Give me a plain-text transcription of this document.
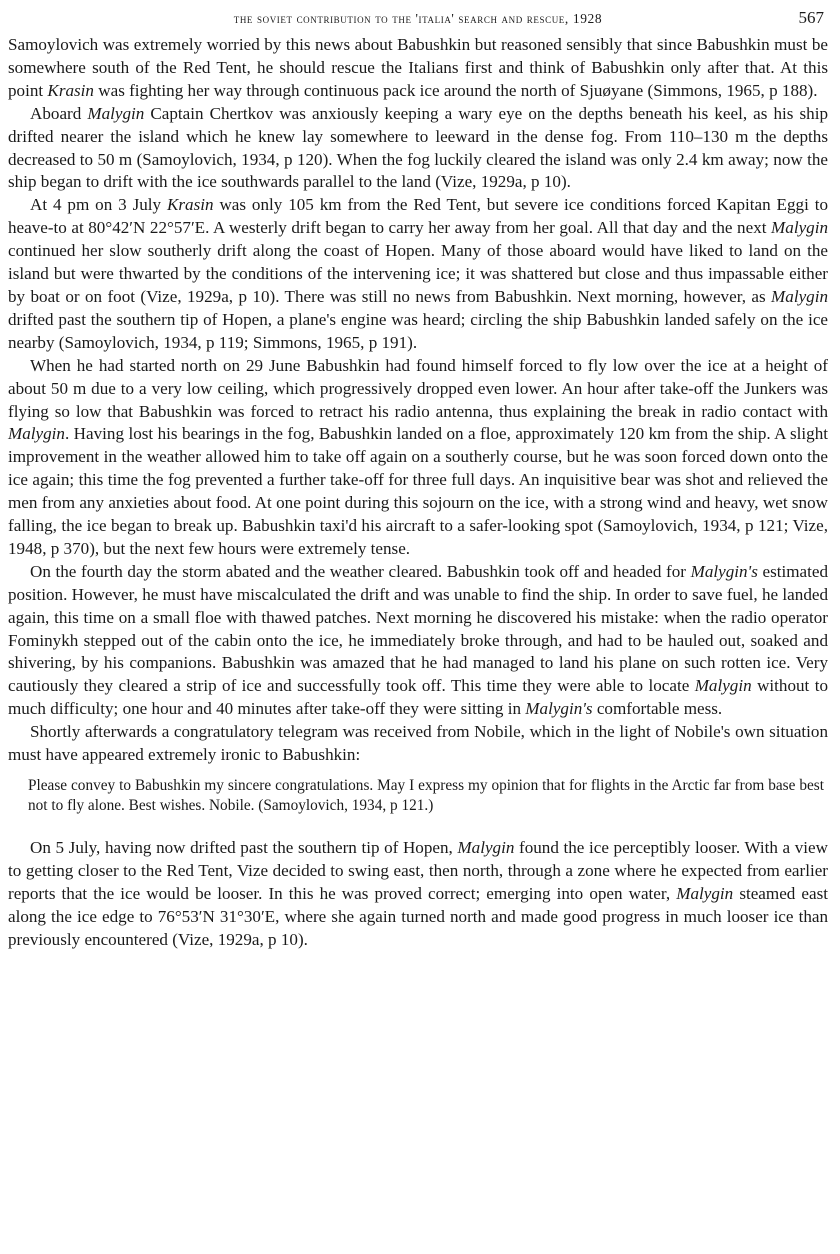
the soviet contribution to the 'italia' search and rescue, 1928	567

Samoylovich was extremely worried by this news about Babushkin but reasoned sensibly that since Babushkin must be somewhere south of the Red Tent, he should rescue the Italians first and think of Babushkin only after that. At this point Krasin was fighting her way through continuous pack ice around the north of Sjuøyane (Simmons, 1965, p 188).

Aboard Malygin Captain Chertkov was anxiously keeping a wary eye on the depths beneath his keel, as his ship drifted nearer the island which he knew lay somewhere to leeward in the dense fog. From 110–130 m the depths decreased to 50 m (Samoylovich, 1934, p 120). When the fog luckily cleared the island was only 2.4 km away; now the ship began to drift with the ice southwards parallel to the land (Vize, 1929a, p 10).

At 4 pm on 3 July Krasin was only 105 km from the Red Tent, but severe ice conditions forced Kapitan Eggi to heave-to at 80°42′N 22°57′E. A westerly drift began to carry her away from her goal. All that day and the next Malygin continued her slow southerly drift along the coast of Hopen. Many of those aboard would have liked to land on the island but were thwarted by the conditions of the intervening ice; it was shattered but close and thus impassable either by boat or on foot (Vize, 1929a, p 10). There was still no news from Babushkin. Next morning, however, as Malygin drifted past the southern tip of Hopen, a plane's engine was heard; circling the ship Babushkin landed safely on the ice nearby (Samoylovich, 1934, p 119; Simmons, 1965, p 191).

When he had started north on 29 June Babushkin had found himself forced to fly low over the ice at a height of about 50 m due to a very low ceiling, which progressively dropped even lower. An hour after take-off the Junkers was flying so low that Babushkin was forced to retract his radio antenna, thus explaining the break in radio contact with Malygin. Having lost his bearings in the fog, Babushkin landed on a floe, approximately 120 km from the ship. A slight improvement in the weather allowed him to take off again on a southerly course, but he was soon forced down onto the ice again; this time the fog prevented a further take-off for three full days. An inquisitive bear was shot and relieved the men from any anxieties about food. At one point during this sojourn on the ice, with a strong wind and heavy, wet snow falling, the ice began to break up. Babushkin taxi'd his aircraft to a safer-looking spot (Samoylovich, 1934, p 121; Vize, 1948, p 370), but the next few hours were extremely tense.

On the fourth day the storm abated and the weather cleared. Babushkin took off and headed for Malygin's estimated position. However, he must have miscalculated the drift and was unable to find the ship. In order to save fuel, he landed again, this time on a small floe with thawed patches. Next morning he discovered his mistake: when the radio operator Fominykh stepped out of the cabin onto the ice, he immediately broke through, and had to be hauled out, soaked and shivering, by his companions. Babushkin was amazed that he had managed to land his plane on such rotten ice. Very cautiously they cleared a strip of ice and successfully took off. This time they were able to locate Malygin without to much difficulty; one hour and 40 minutes after take-off they were sitting in Malygin's comfortable mess.

Shortly afterwards a congratulatory telegram was received from Nobile, which in the light of Nobile's own situation must have appeared extremely ironic to Babushkin:

Please convey to Babushkin my sincere congratulations. May I express my opinion that for flights in the Arctic far from base best not to fly alone. Best wishes. Nobile. (Samoylovich, 1934, p 121.)

On 5 July, having now drifted past the southern tip of Hopen, Malygin found the ice perceptibly looser. With a view to getting closer to the Red Tent, Vize decided to swing east, then north, through a zone where he expected from earlier reports that the ice would be looser. In this he was proved correct; emerging into open water, Malygin steamed east along the ice edge to 76°53′N 31°30′E, where she again turned north and made good progress in much looser ice than previously encountered (Vize, 1929a, p 10).
